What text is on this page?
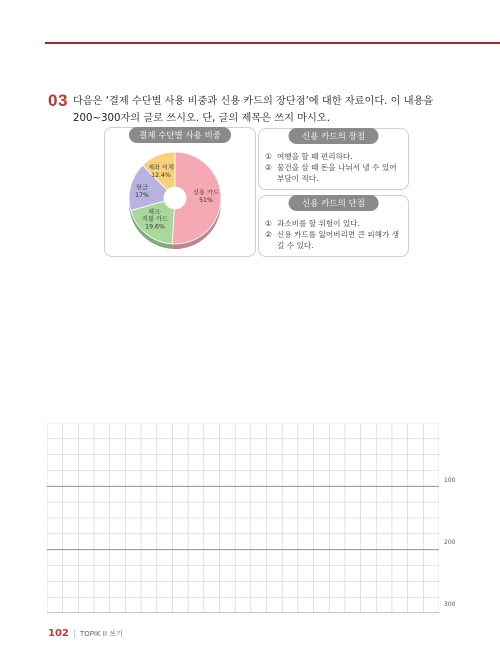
03 다음은 ‘결제 수단별 사용 비중과 신용 카드의 장단점’에 대한 자료이다. 이 내용을
200~300자의 글로 쓰시오. 단, 글의 제목은 쓰지 마시오.
신용 카드 51%
체크· 직불 카드 19.6%
현금 17%
계좌 이체 12.4%
결제 수단별 사용 비중	신용 카드의 장점
① 여행을 할 때 편리하다.
② 물건을 살 때 돈을 나눠서 낼 수 있어 부담이 적다.
신용 카드의 단점
① 과소비를 할 위험이 있다.
② 신용 카드를 잃어버리면 큰 피해가 생길 수 있다.
100
200
300
102 | TOPIK II 쓰기
